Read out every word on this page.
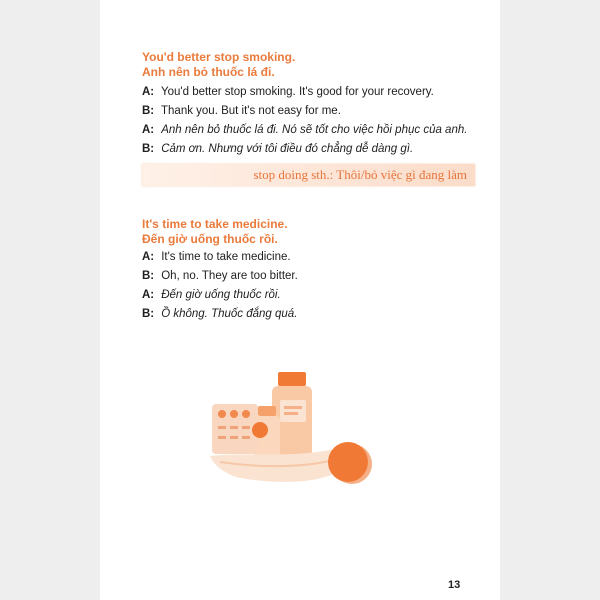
You'd better stop smoking.
Anh nên bỏ thuốc lá đi.
A: You'd better stop smoking. It's good for your recovery.
B: Thank you. But it's not easy for me.
A: Anh nên bỏ thuốc lá đi. Nó sẽ tốt cho việc hồi phục của anh.
B: Cảm ơn. Nhưng với tôi điều đó chẳng dễ dàng gì.
stop doing sth.: Thôi/bỏ việc gì đang làm
It's time to take medicine.
Đến giờ uống thuốc rồi.
A: It's time to take medicine.
B: Oh, no. They are too bitter.
A: Đến giờ uống thuốc rồi.
B: Ồ không. Thuốc đắng quá.
13
